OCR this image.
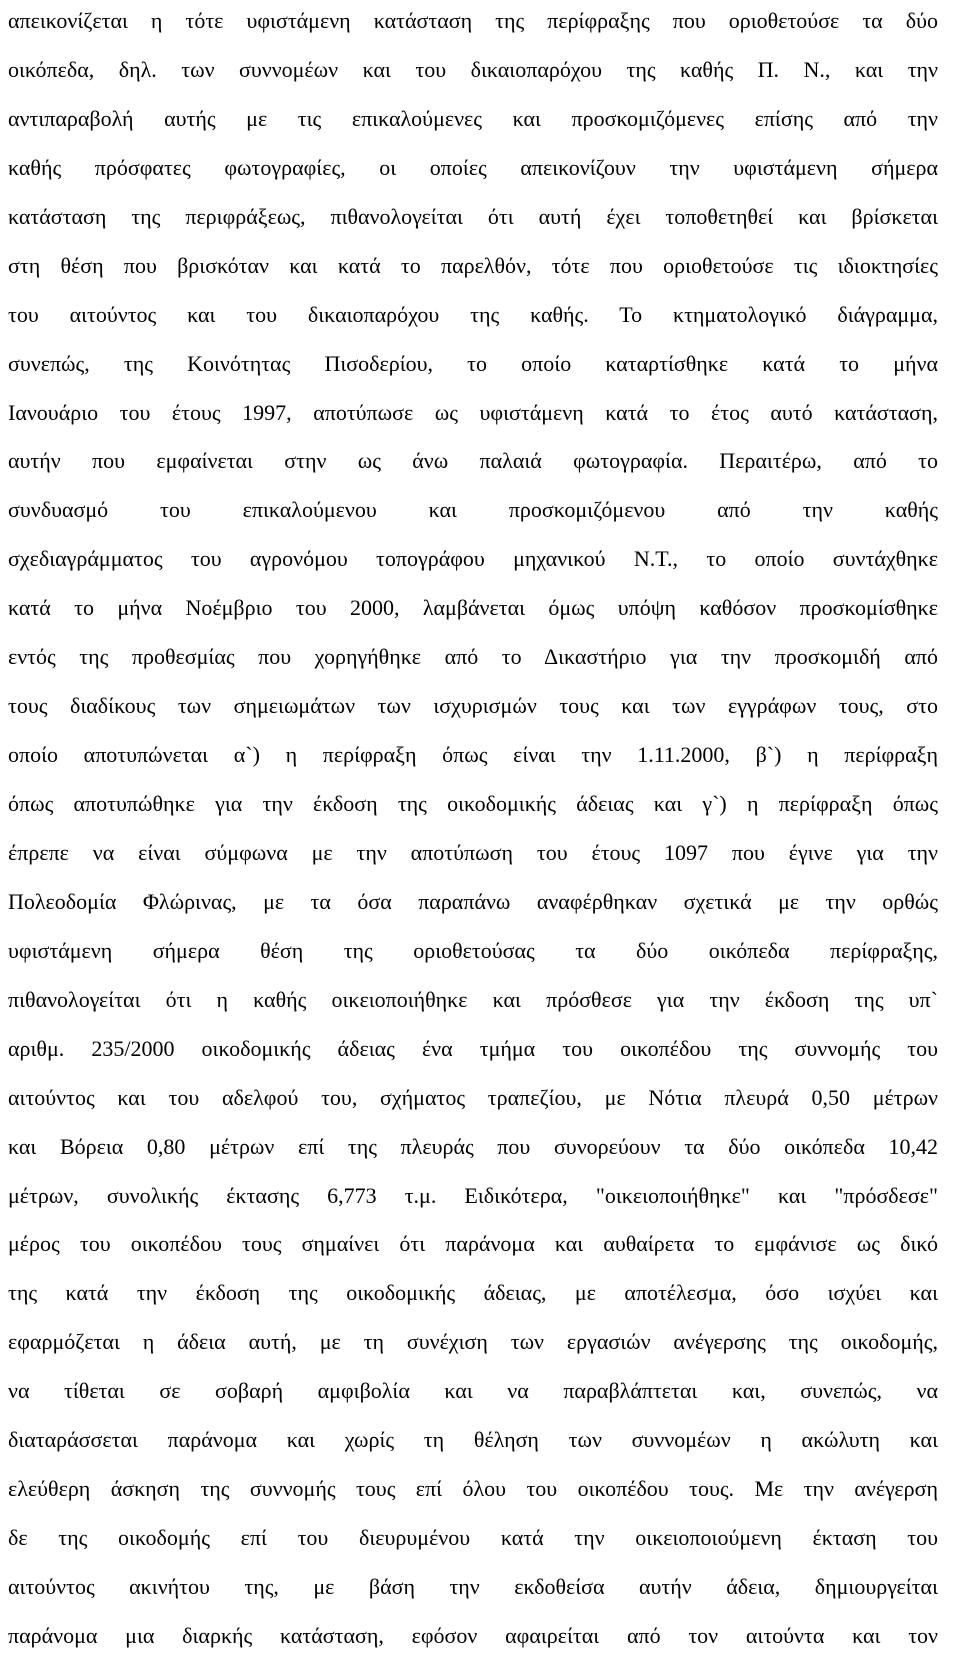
απεικονίζεται η τότε υφιστάμενη κατάσταση της περίφραξης που οριοθετούσε τα δύο
οικόπεδα, δηλ. των συννομέων και του δικαιοπαρόχου της καθής Π. Ν., και την
αντιπαραβολή αυτής με τις επικαλούμενες και προσκομιζόμενες επίσης από την
καθής πρόσφατες φωτογραφίες, οι οποίες απεικονίζουν την υφιστάμενη σήμερα
κατάσταση της περιφράξεως, πιθανολογείται ότι αυτή έχει τοποθετηθεί και βρίσκεται
στη θέση που βρισκόταν και κατά το παρελθόν, τότε που οριοθετούσε τις ιδιοκτησίες
του αιτούντος και του δικαιοπαρόχου της καθής. Το κτηματολογικό διάγραμμα,
συνεπώς, της Κοινότητας Πισοδερίου, το οποίο καταρτίσθηκε κατά το μήνα
Ιανουάριο του έτους 1997, αποτύπωσε ως υφιστάμενη κατά το έτος αυτό κατάσταση,
αυτήν που εμφαίνεται στην ως άνω παλαιά φωτογραφία. Περαιτέρω, από το
συνδυασμό του επικαλούμενου και προσκομιζόμενου από την καθής
σχεδιαγράμματος του αγρονόμου τοπογράφου μηχανικού Ν.Τ., το οποίο συντάχθηκε
κατά το μήνα Νοέμβριο του 2000, λαμβάνεται όμως υπόψη καθόσον προσκομίσθηκε
εντός της προθεσμίας που χορηγήθηκε από το Δικαστήριο για την προσκομιδή από
τους διαδίκους των σημειωμάτων των ισχυρισμών τους και των εγγράφων τους, στο
οποίο αποτυπώνεται α`) η περίφραξη όπως είναι την 1.11.2000, β`) η περίφραξη
όπως αποτυπώθηκε για την έκδοση της οικοδομικής άδειας και γ`) η περίφραξη όπως
έπρεπε να είναι σύμφωνα με την αποτύπωση του έτους 1097 που έγινε για την
Πολεοδομία Φλώρινας, με τα όσα παραπάνω αναφέρθηκαν σχετικά με την ορθώς
υφιστάμενη σήμερα θέση της οριοθετούσας τα δύο οικόπεδα περίφραξης,
πιθανολογείται ότι η καθής οικειοποιήθηκε και πρόσθεσε για την έκδοση της υπ`
αριθμ. 235/2000 οικοδομικής άδειας ένα τμήμα του οικοπέδου της συννομής του
αιτούντος και του αδελφού του, σχήματος τραπεζίου, με Νότια πλευρά 0,50 μέτρων
και Βόρεια 0,80 μέτρων επί της πλευράς που συνορεύουν τα δύο οικόπεδα 10,42
μέτρων, συνολικής έκτασης 6,773 τ.μ. Ειδικότερα, "οικειοποιήθηκε" και "πρόσδεσε"
μέρος του οικοπέδου τους σημαίνει ότι παράνομα και αυθαίρετα το εμφάνισε ως δικό
της κατά την έκδοση της οικοδομικής άδειας, με αποτέλεσμα, όσο ισχύει και
εφαρμόζεται η άδεια αυτή, με τη συνέχιση των εργασιών ανέγερσης της οικοδομής,
να τίθεται σε σοβαρή αμφιβολία και να παραβλάπτεται και, συνεπώς, να
διαταράσσεται παράνομα και χωρίς τη θέληση των συννομέων η ακώλυτη και
ελεύθερη άσκηση της συννομής τους επί όλου του οικοπέδου τους. Με την ανέγερση
δε της οικοδομής επί του διευρυμένου κατά την οικειοποιούμενη έκταση του
αιτούντος ακινήτου της, με βάση την εκδοθείσα αυτήν άδεια, δημιουργείται
παράνομα μια διαρκής κατάσταση, εφόσον αφαιρείται από τον αιτούντα και τον
